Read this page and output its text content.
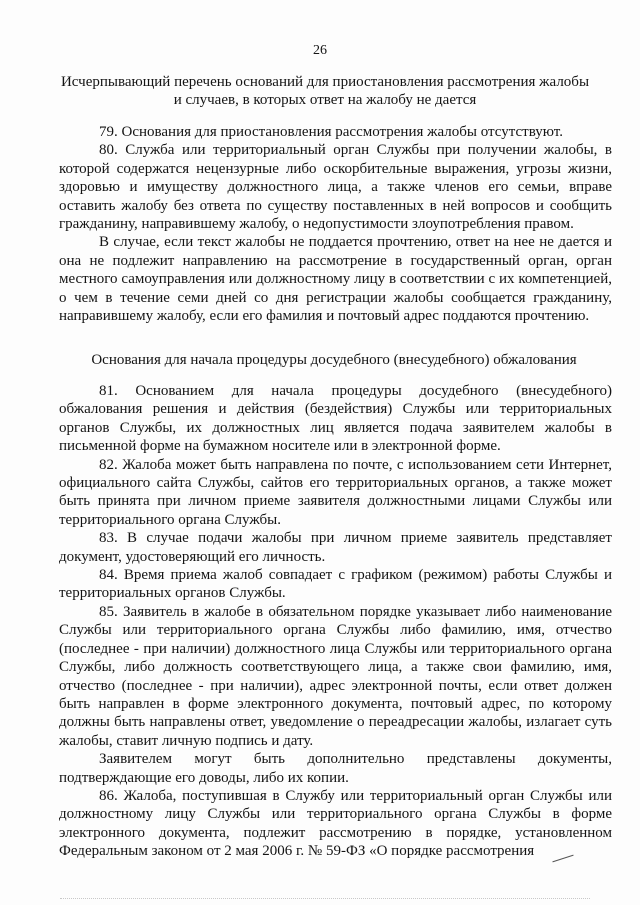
26
Исчерпывающий перечень оснований для приостановления рассмотрения жалобы и случаев, в которых ответ на жалобу не дается

79. Основания для приостановления рассмотрения жалобы отсутствуют.

80. Служба или территориальный орган Службы при получении жалобы, в которой содержатся нецензурные либо оскорбительные выражения, угрозы жизни, здоровью и имуществу должностного лица, а также членов его семьи, вправе оставить жалобу без ответа по существу поставленных в ней вопросов и сообщить гражданину, направившему жалобу, о недопустимости злоупотребления правом.

В случае, если текст жалобы не поддается прочтению, ответ на нее не дается и она не подлежит направлению на рассмотрение в государственный орган, орган местного самоуправления или должностному лицу в соответствии с их компетенцией, о чем в течение семи дней со дня регистрации жалобы сообщается гражданину, направившему жалобу, если его фамилия и почтовый адрес поддаются прочтению.

Основания для начала процедуры досудебного (внесудебного) обжалования

81. Основанием для начала процедуры досудебного (внесудебного) обжалования решения и действия (бездействия) Службы или территориальных органов Службы, их должностных лиц является подача заявителем жалобы в письменной форме на бумажном носителе или в электронной форме.

82. Жалоба может быть направлена по почте, с использованием сети Интернет, официального сайта Службы, сайтов его территориальных органов, а также может быть принята при личном приеме заявителя должностными лицами Службы или территориального органа Службы.

83. В случае подачи жалобы при личном приеме заявитель представляет документ, удостоверяющий его личность.

84. Время приема жалоб совпадает с графиком (режимом) работы Службы и территориальных органов Службы.

85. Заявитель в жалобе в обязательном порядке указывает либо наименование Службы или территориального органа Службы либо фамилию, имя, отчество (последнее - при наличии) должностного лица Службы или территориального органа Службы, либо должность соответствующего лица, а также свои фамилию, имя, отчество (последнее - при наличии), адрес электронной почты, если ответ должен быть направлен в форме электронного документа, почтовый адрес, по которому должны быть направлены ответ, уведомление о переадресации жалобы, излагает суть жалобы, ставит личную подпись и дату.

Заявителем могут быть дополнительно представлены документы, подтверждающие его доводы, либо их копии.

86. Жалоба, поступившая в Службу или территориальный орган Службы или должностному лицу Службы или территориального органа Службы в форме электронного документа, подлежит рассмотрению в порядке, установленном Федеральным законом от 2 мая 2006 г. № 59-ФЗ «О порядке рассмотрения
